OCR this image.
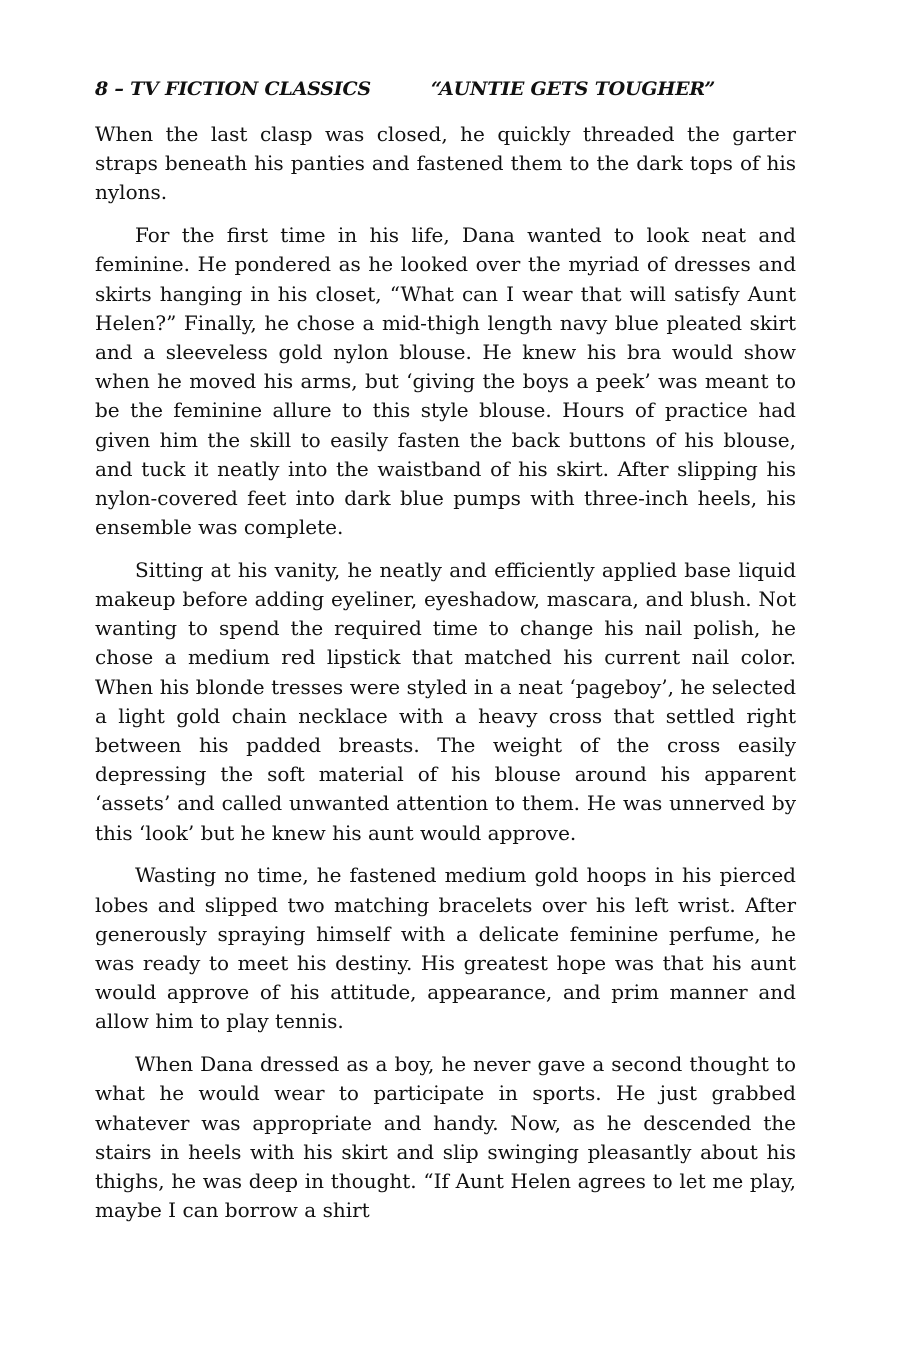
8 – TV FICTION CLASSICS	“AUNTIE GETS TOUGHER”

When the last clasp was closed, he quickly threaded the garter straps beneath his panties and fastened them to the dark tops of his nylons.

For the first time in his life, Dana wanted to look neat and feminine. He pondered as he looked over the myriad of dresses and skirts hanging in his closet, “What can I wear that will satisfy Aunt Helen?” Finally, he chose a mid-thigh length navy blue pleated skirt and a sleeveless gold nylon blouse. He knew his bra would show when he moved his arms, but ‘giving the boys a peek’ was meant to be the feminine allure to this style blouse. Hours of practice had given him the skill to easily fasten the back buttons of his blouse, and tuck it neatly into the waistband of his skirt. After slipping his nylon-covered feet into dark blue pumps with three-inch heels, his ensemble was complete.

Sitting at his vanity, he neatly and efficiently applied base liquid makeup before adding eyeliner, eyeshadow, mascara, and blush. Not wanting to spend the required time to change his nail polish, he chose a medium red lipstick that matched his current nail color. When his blonde tresses were styled in a neat ‘pageboy’, he selected a light gold chain necklace with a heavy cross that settled right between his padded breasts. The weight of the cross easily depressing the soft material of his blouse around his apparent ‘assets’ and called unwanted attention to them. He was unnerved by this ‘look’ but he knew his aunt would approve.

Wasting no time, he fastened medium gold hoops in his pierced lobes and slipped two matching bracelets over his left wrist. After generously spraying himself with a delicate feminine perfume, he was ready to meet his destiny. His greatest hope was that his aunt would approve of his attitude, appearance, and prim manner and allow him to play tennis.

When Dana dressed as a boy, he never gave a second thought to what he would wear to participate in sports. He just grabbed whatever was appropriate and handy. Now, as he descended the stairs in heels with his skirt and slip swinging pleasantly about his thighs, he was deep in thought. “If Aunt Helen agrees to let me play, maybe I can borrow a shirt
